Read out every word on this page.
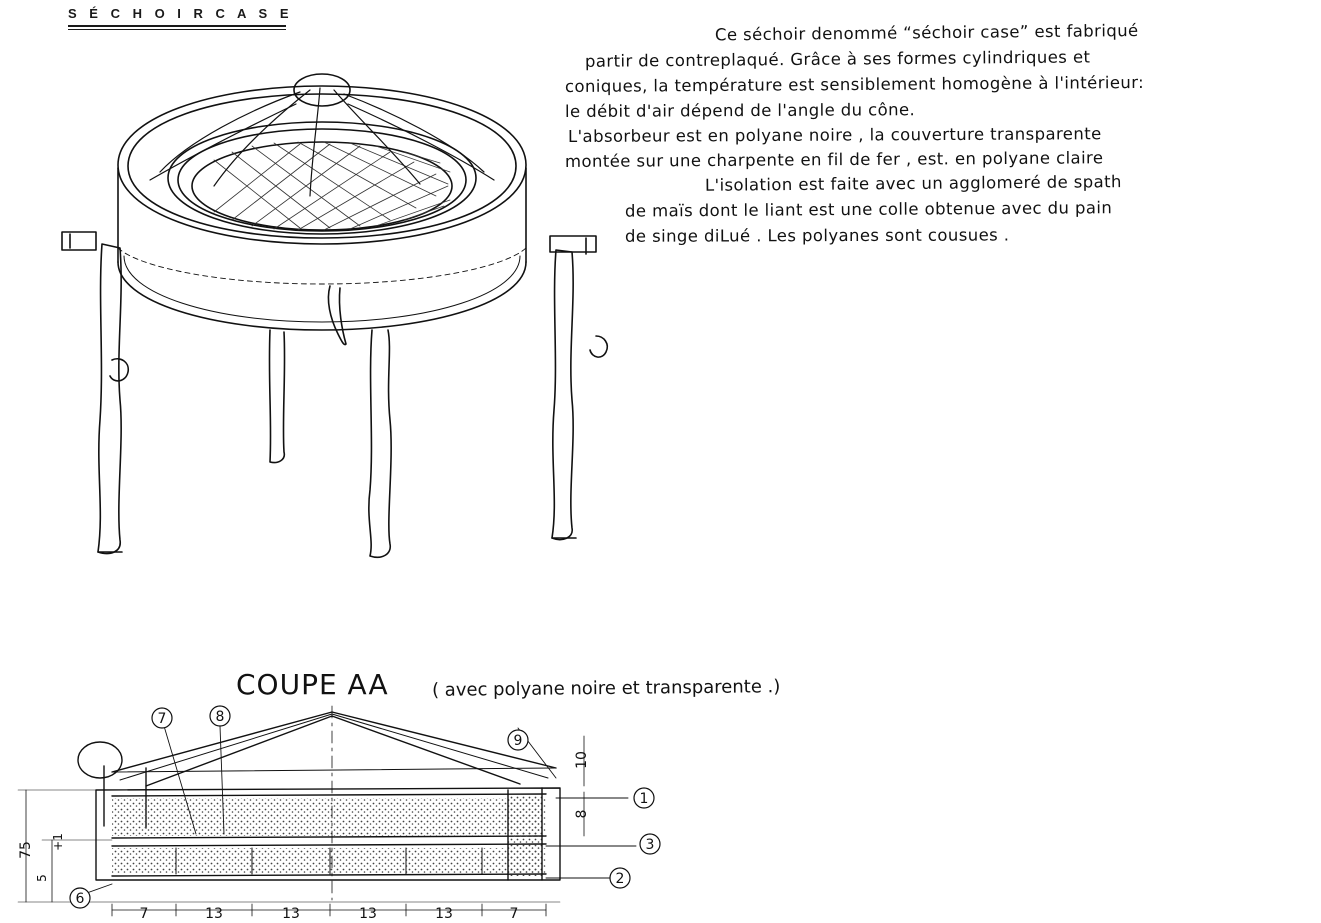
S É C H O I R C A S E
Ce séchoir denommé “séchoir case” est fabriqué
partir de contreplaqué. Grâce à ses formes cylindriques et
coniques, la température est sensiblement homogène à l'intérieur:
le débit d'air dépend de l'angle du cône.
L'absorbeur est en polyane noire , la couverture transparente
montée sur une charpente en fil de fer , est. en polyane claire
L'isolation est faite avec un agglomeré de spath
de maïs dont le liant est une colle obtenue avec du pain
de singe diLué . Les polyanes sont cousues .
COUPE AA ( avec polyane noire et transparente .)
7	8
9
1
3
2
6
75
5
+1
10
8
7	13	13	13	13	7
